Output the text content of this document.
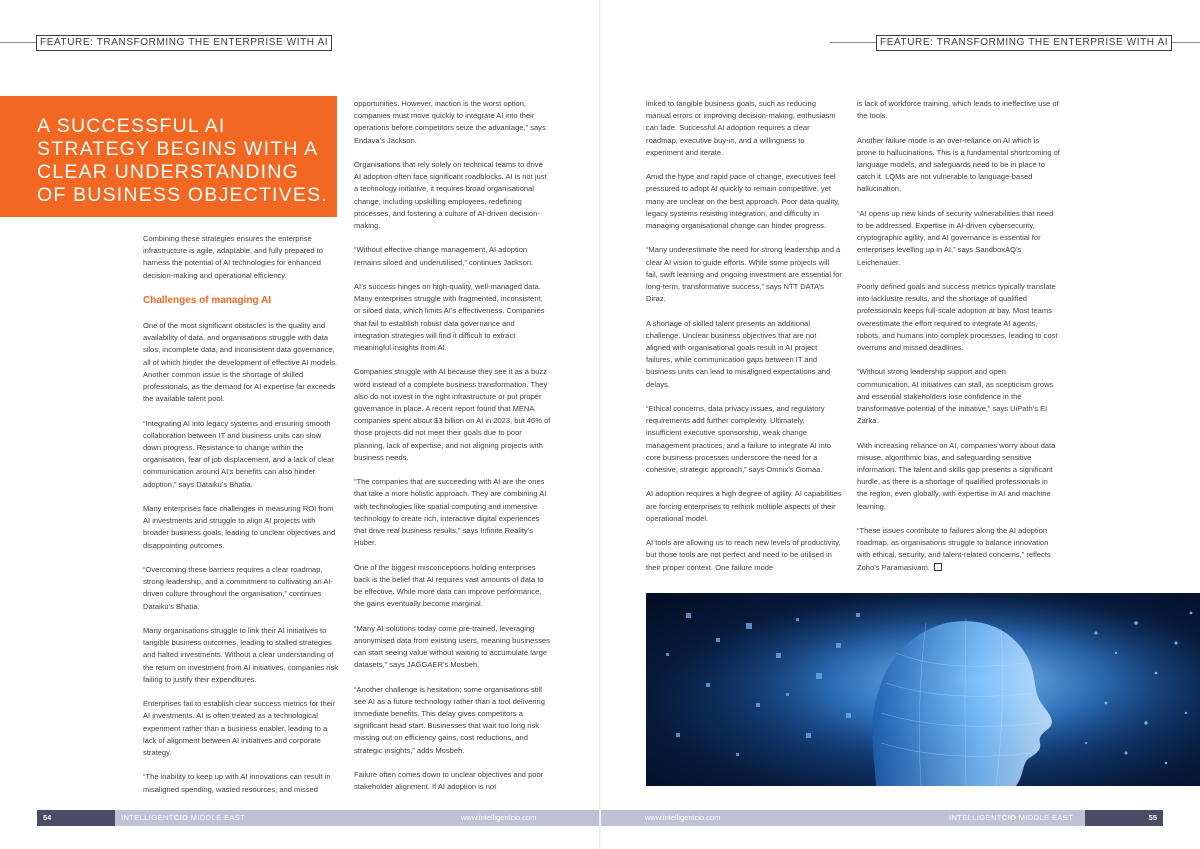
FEATURE: TRANSFORMING THE ENTERPRISE WITH AI	FEATURE: TRANSFORMING THE ENTERPRISE WITH AI

A SUCCESSFUL AI STRATEGY BEGINS WITH A CLEAR UNDERSTANDING OF BUSINESS OBJECTIVES.

Combining these strategies ensures the enterprise infrastructure is agile, adaptable, and fully prepared to harness the potential of AI technologies for enhanced decision-making and operational efficiency.

Challenges of managing AI

One of the most significant obstacles is the quality and availability of data, and organisations struggle with data silos, incomplete data, and inconsistent data governance, all of which hinder the development of effective AI models. Another common issue is the shortage of skilled professionals, as the demand for AI expertise far exceeds the available talent pool.

“Integrating AI into legacy systems and ensuring smooth collaboration between IT and business units can slow down progress. Resistance to change within the organisation, fear of job displacement, and a lack of clear communication around AI’s benefits can also hinder adoption,” says Dataiku’s Bhatia.

Many enterprises face challenges in measuring ROI from AI investments and struggle to align AI projects with broader business goals, leading to unclear objectives and disappointing outcomes.

“Overcoming these barriers requires a clear roadmap, strong leadership, and a commitment to cultivating an AI-driven culture throughout the organisation,” continues Dataiku’s Bhatia.

Many organisations struggle to link their AI initiatives to tangible business outcomes, leading to stalled strategies and halted investments. Without a clear understanding of the return on investment from AI initiatives, companies risk failing to justify their expenditures.

Enterprises fail to establish clear success metrics for their AI investments. AI is often treated as a technological experiment rather than a business enabler, leading to a lack of alignment between AI initiatives and corporate strategy.

“The inability to keep up with AI innovations can result in misaligned spending, wasted resources, and missed

opportunities. However, inaction is the worst option, companies must move quickly to integrate AI into their operations before competitors seize the advantage,” says Endava’s Jackson.

Organisations that rely solely on technical teams to drive AI adoption often face significant roadblocks. AI is not just a technology initiative, it requires broad organisational change, including upskilling employees, redefining processes, and fostering a culture of AI-driven decision-making.

“Without effective change management, AI adoption remains siloed and underutilised,” continues Jackson.

AI’s success hinges on high-quality, well-managed data. Many enterprises struggle with fragmented, inconsistent, or siloed data, which limits AI’s effectiveness. Companies that fail to establish robust data governance and integration strategies will find it difficult to extract meaningful insights from AI.

Companies struggle with AI because they see it as a buzz word instead of a complete business transformation. They also do not invest in the right infrastructure or put proper governance in place. A recent report found that MENA companies spent about $3 billion on AI in 2023, but 46% of those projects did not meet their goals due to poor planning, lack of expertise, and not aligning projects with business needs.

“The companies that are succeeding with AI are the ones that take a more holistic approach. They are combining AI with technologies like spatial computing and immersive technology to create rich, interactive digital experiences that drive real business results,” says Infinite Reality’s Huber.

One of the biggest misconceptions holding enterprises back is the belief that AI requires vast amounts of data to be effective. While more data can improve performance, the gains eventually become marginal.

“Many AI solutions today come pre-trained, leveraging anonymised data from existing users, meaning businesses can start seeing value without waiting to accumulate large datasets,” says JAGGAER’s Mosbeh.

“Another challenge is hesitation; some organisations still see AI as a future technology rather than a tool delivering immediate benefits. This delay gives competitors a significant head start. Businesses that wait too long risk missing out on efficiency gains, cost reductions, and strategic insights,” adds Mosbeh.

Failure often comes down to unclear objectives and poor stakeholder alignment. If AI adoption is not

linked to tangible business goals, such as reducing manual errors or improving decision-making, enthusiasm can fade. Successful AI adoption requires a clear roadmap, executive buy-in, and a willingness to experiment and iterate.

Amid the hype and rapid pace of change, executives feel pressured to adopt AI quickly to remain competitive, yet many are unclear on the best approach. Poor data quality, legacy systems resisting integration, and difficulty in managing organisational change can hinder progress.

“Many underestimate the need for strong leadership and a clear AI vision to guide efforts. While some projects will fail, swift learning and ongoing investment are essential for long-term, transformative success,” says NTT DATA’s Diraz.

A shortage of skilled talent presents an additional challenge. Unclear business objectives that are not aligned with organisational goals result in AI project failures, while communication gaps between IT and business units can lead to misaligned expectations and delays.

“Ethical concerns, data privacy issues, and regulatory requirements add further complexity. Ultimately, insufficient executive sponsorship, weak change management practices, and a failure to integrate AI into core business processes underscore the need for a cohesive, strategic approach,” says Omnix’s Gomaa.

AI adoption requires a high degree of agility. AI capabilities are forcing enterprises to rethink multiple aspects of their operational model.

AI tools are allowing us to reach new levels of productivity, but those tools are not perfect and need to be utilised in their proper context. One failure mode

is lack of workforce training, which leads to ineffective use of the tools.

Another failure mode is an over-reliance on AI which is prone to hallucinations. This is a fundamental shortcoming of language models, and safeguards need to be in place to catch it. LQMs are not vulnerable to language-based hallucination.

“AI opens up new kinds of security vulnerabilities that need to be addressed. Expertise in AI-driven cybersecurity, cryptographic agility, and AI governance is essential for enterprises levelling up in AI,” says SandboxAQ’s Leichenauer.

Poorly defined goals and success metrics typically translate into lacklustre results, and the shortage of qualified professionals keeps full-scale adoption at bay. Most teams overestimate the effort required to integrate AI agents, robots, and humans into complex processes, leading to cost overruns and missed deadlines.

“Without strong leadership support and open communication, AI initiatives can stall, as scepticism grows and essential stakeholders lose confidence in the transformative potential of the initiative,” says UiPath’s El Zarka.

With increasing reliance on AI, companies worry about data misuse, algorithmic bias, and safeguarding sensitive information. The talent and skills gap presents a significant hurdle, as there is a shortage of qualified professionals in the region, even globally, with expertise in AI and machine learning.

“These issues contribute to failures along the AI adoption roadmap, as organisations struggle to balance innovation with ethical, security, and talent-related concerns,” reflects Zoho’s Paramasivam.

54	INTELLIGENTCIO MIDDLE EAST	www.intelligentcio.com	www.intelligentcio.com	INTELLIGENTCIO MIDDLE EAST	55
